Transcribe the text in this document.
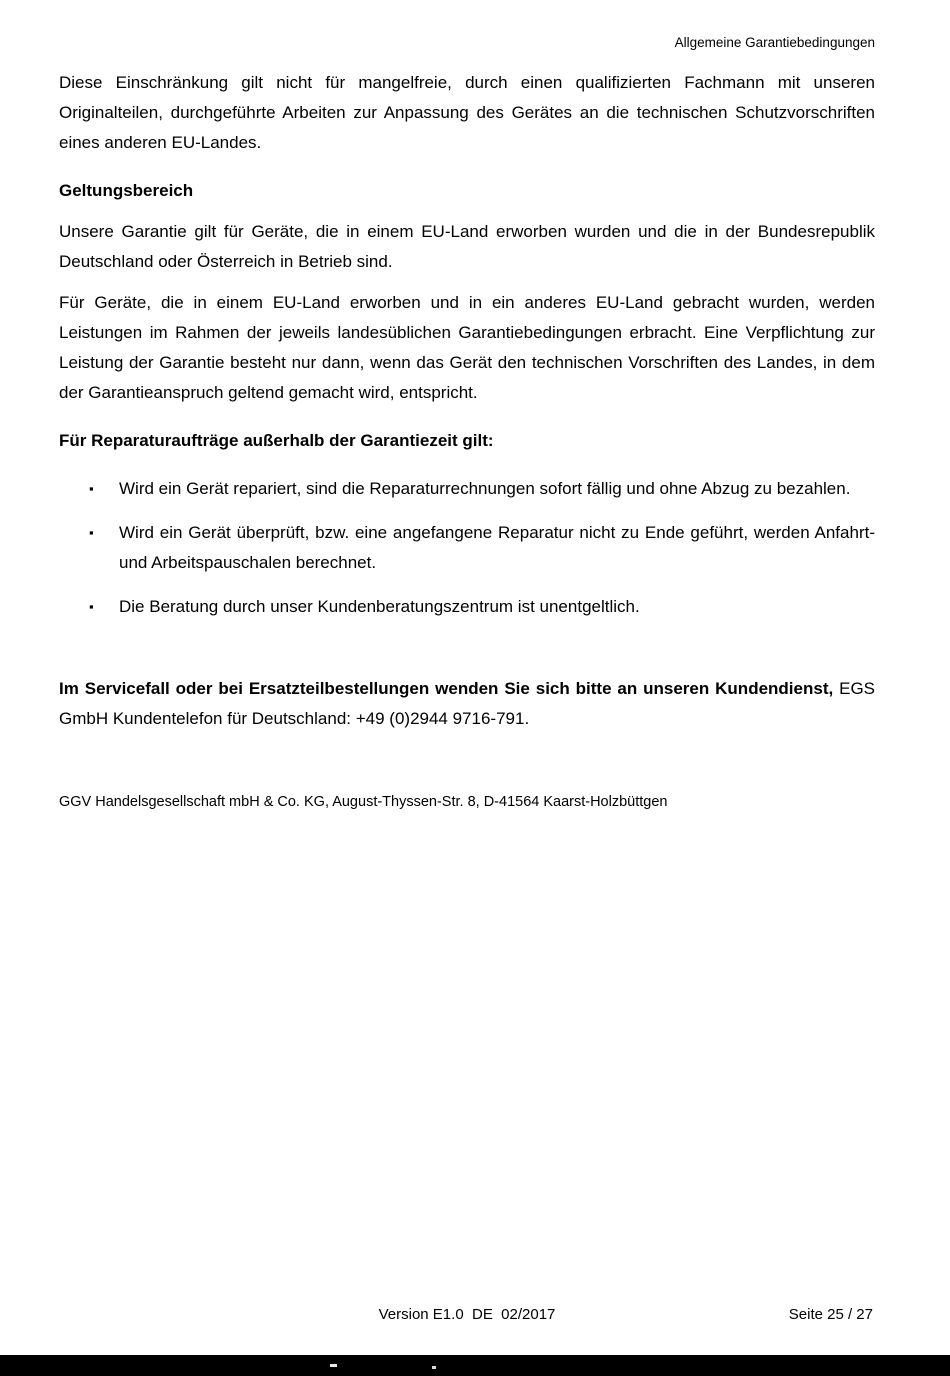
Allgemeine Garantiebedingungen

Diese Einschränkung gilt nicht für mangelfreie, durch einen qualifizierten Fachmann mit unseren Originalteilen, durchgeführte Arbeiten zur Anpassung des Gerätes an die technischen Schutzvorschriften eines anderen EU-Landes.

Geltungsbereich

Unsere Garantie gilt für Geräte, die in einem EU-Land erworben wurden und die in der Bundesrepublik Deutschland oder Österreich in Betrieb sind.

Für Geräte, die in einem EU-Land erworben und in ein anderes EU-Land gebracht wurden, werden Leistungen im Rahmen der jeweils landesüblichen Garantiebedingungen erbracht. Eine Verpflichtung zur Leistung der Garantie besteht nur dann, wenn das Gerät den technischen Vorschriften des Landes, in dem der Garantieanspruch geltend gemacht wird, entspricht.

Für Reparaturaufträge außerhalb der Garantiezeit gilt:
▪ Wird ein Gerät repariert, sind die Reparaturrechnungen sofort fällig und ohne Abzug zu bezahlen.
▪ Wird ein Gerät überprüft, bzw. eine angefangene Reparatur nicht zu Ende geführt, werden Anfahrt- und Arbeitspauschalen berechnet.
▪ Die Beratung durch unser Kundenberatungszentrum ist unentgeltlich.

Im Servicefall oder bei Ersatzteilbestellungen wenden Sie sich bitte an unseren Kundendienst, EGS GmbH Kundentelefon für Deutschland: +49 (0)2944 9716-791.

GGV Handelsgesellschaft mbH & Co. KG, August-Thyssen-Str. 8, D-41564 Kaarst-Holzbüttgen
Version E1.0  DE  02/2017	Seite 25 / 27
